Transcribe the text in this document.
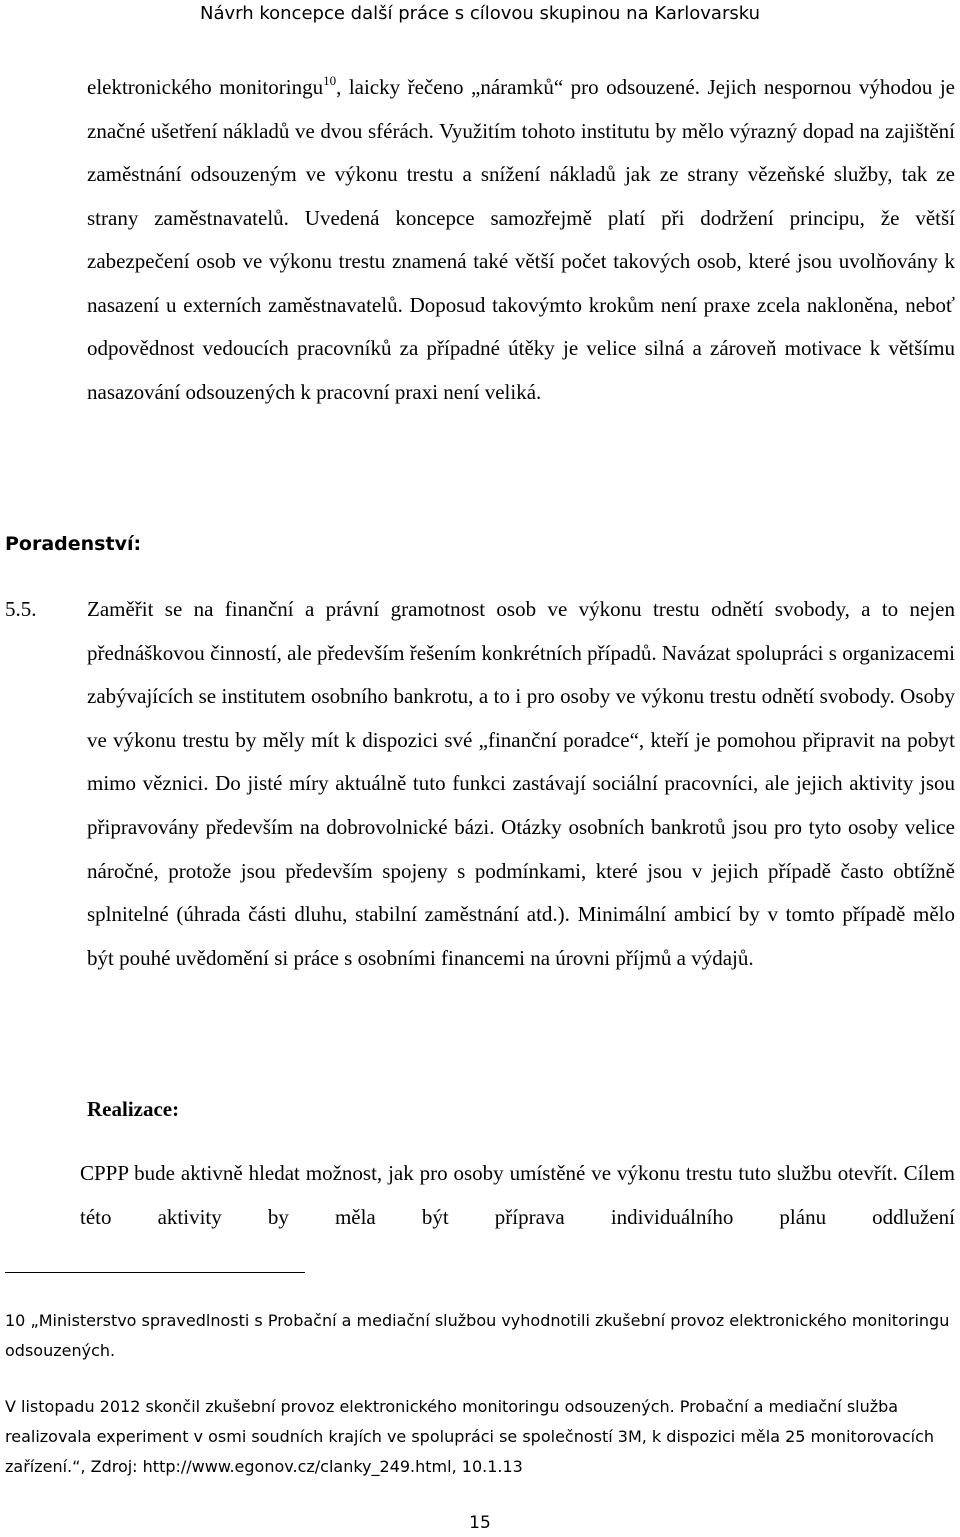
Návrh koncepce další práce s cílovou skupinou na Karlovarsku

elektronického monitoringu$^{10}$, laicky řečeno „náramků“ pro odsouzené. Jejich nespornou výhodou je značné ušetření nákladů ve dvou sférách. Využitím tohoto institutu by mělo výrazný dopad na zajištění zaměstnání odsouzeným ve výkonu trestu a snížení nákladů jak ze strany vězeňské služby, tak ze strany zaměstnavatelů. Uvedená koncepce samozřejmě platí při dodržení principu, že větší zabezpečení osob ve výkonu trestu znamená také větší počet takových osob, které jsou uvolňovány k nasazení u externích zaměstnavatelů. Doposud takovýmto krokům není praxe zcela nakloněna, neboť odpovědnost vedoucích pracovníků za případné útěky je velice silná a zároveň motivace k většímu nasazování odsouzených k pracovní praxi není veliká.

Poradenství:
5.5. Zaměřit se na finanční a právní gramotnost osob ve výkonu trestu odnětí svobody, a to nejen přednáškovou činností, ale především řešením konkrétních případů. Navázat spolupráci s organizacemi zabývajících se institutem osobního bankrotu, a to i pro osoby ve výkonu trestu odnětí svobody. Osoby ve výkonu trestu by měly mít k dispozici své „finanční poradce“, kteří je pomohou připravit na pobyt mimo věznici. Do jisté míry aktuálně tuto funkci zastávají sociální pracovníci, ale jejich aktivity jsou připravovány především na dobrovolnické bázi. Otázky osobních bankrotů jsou pro tyto osoby velice náročné, protože jsou především spojeny s podmínkami, které jsou v jejich případě často obtížně splnitelné (úhrada části dluhu, stabilní zaměstnání atd.). Minimální ambicí by v tomto případě mělo být pouhé uvědomění si práce s osobními financemi na úrovni příjmů a výdajů.

Realizace:

CPPP bude aktivně hledat možnost, jak pro osoby umístěné ve výkonu trestu tuto službu otevřít. Cílem této aktivity by měla být příprava individuálního plánu oddlužení

10 „Ministerstvo spravedlnosti s Probační a mediační službou vyhodnotili zkušební provoz elektronického monitoringu odsouzených.

V listopadu 2012 skončil zkušební provoz elektronického monitoringu odsouzených. Probační a mediační služba realizovala experiment v osmi soudních krajích ve spolupráci se společností 3M, k dispozici měla 25 monitorovacích zařízení.“, Zdroj: http://www.egonov.cz/clanky_249.html, 10.1.13

15
